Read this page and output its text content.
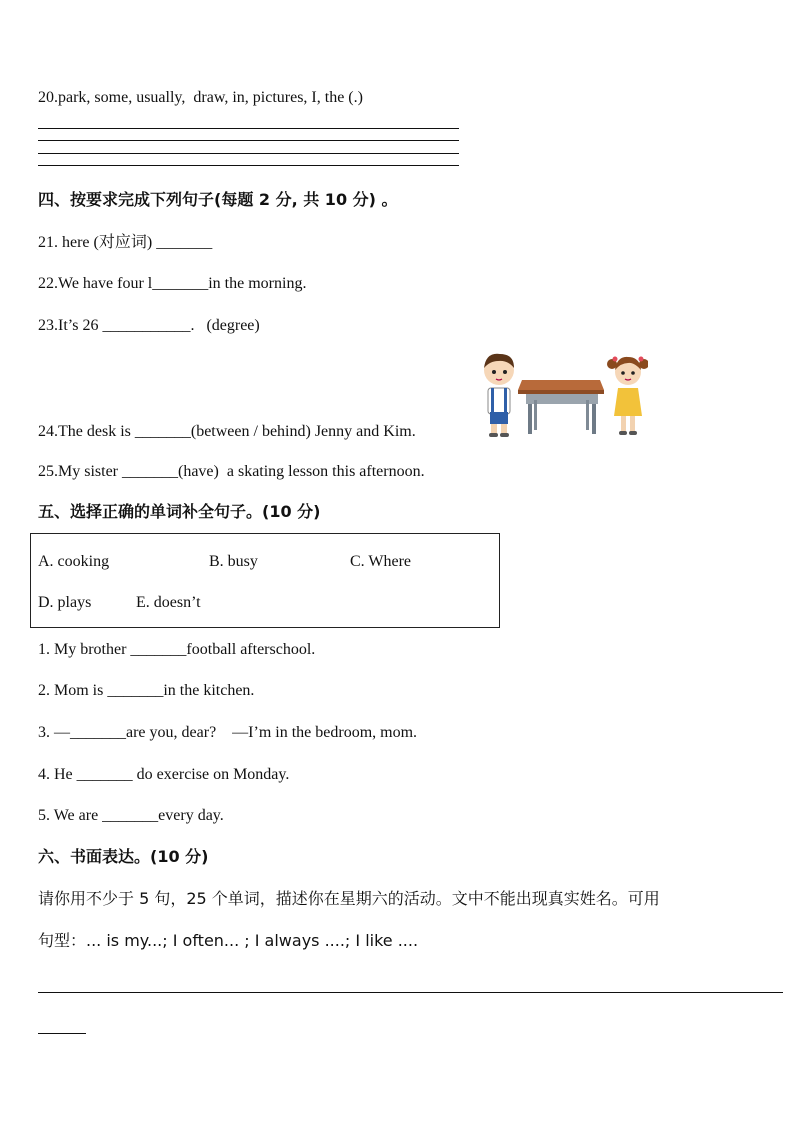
20.park, some, usually,  draw, in, pictures, I, the (.)
四、按要求完成下列句子(每题 2 分, 共 10 分) 。
21. here (对应词) _______
22.We have four l_______in the morning.
23.It’s 26 ___________.   (degree)
24.The desk is _______(between / behind) Jenny and Kim.
25.My sister _______(have)  a skating lesson this afternoon.
五、选择正确的单词补全句子。(10 分)
A. cooking	B. busy	C. Where
D. plays	E. doesn’t
1. My brother _______football afterschool.
2. Mom is _______in the kitchen.
3. —_______are you, dear?    —I’m in the bedroom, mom.
4. He _______ do exercise on Monday.
5. We are _______every day.
六、书面表达。(10 分)
请你用不少于 5 句，25 个单词，描述你在星期六的活动。文中不能出现真实姓名。可用
句型：... is my...; I often... ; I always ....; I like ....
